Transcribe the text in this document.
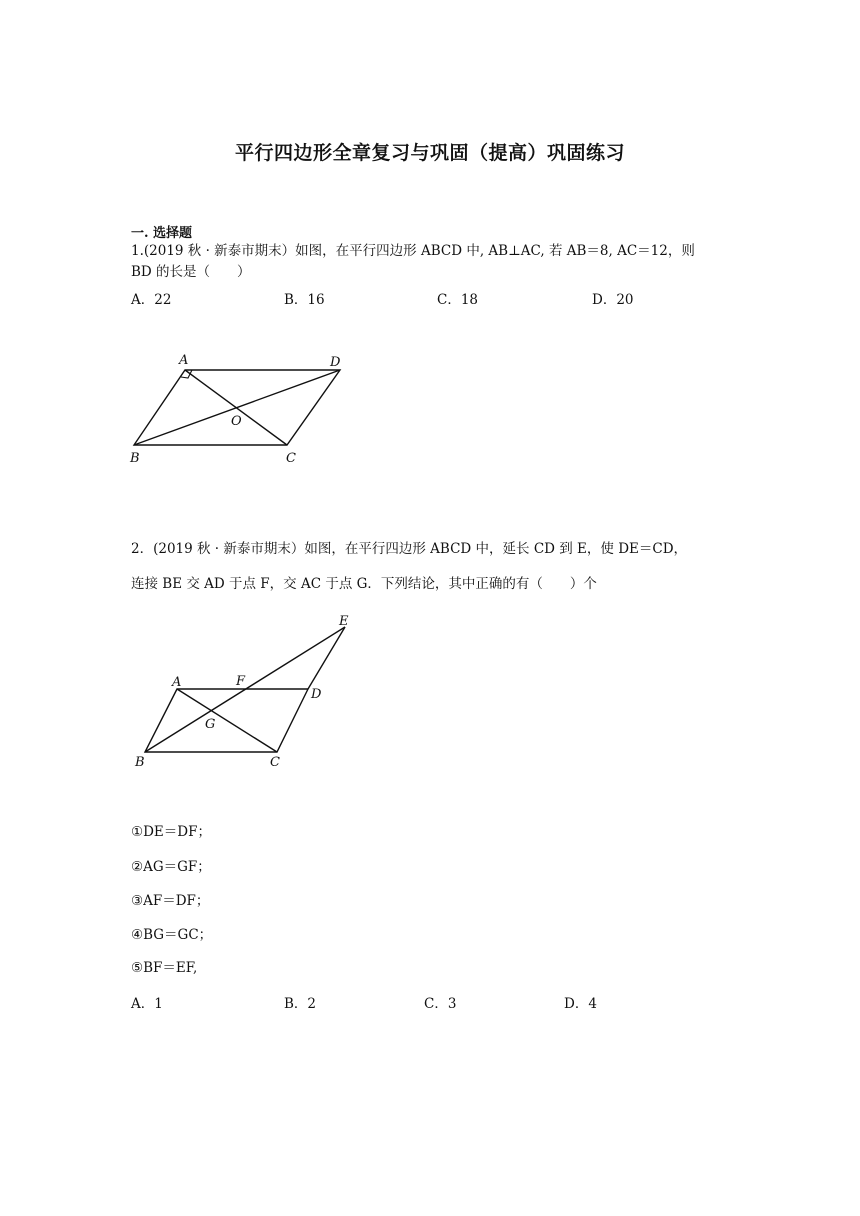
平行四边形全章复习与巩固（提高）巩固练习
一. 选择题
1.(2019 秋 · 新泰市期末）如图，在平行四边形 ABCD 中, AB⊥AC, 若 AB＝8, AC＝12，则
BD 的长是（　　）
A．22	B．16	C．18	D．20
A	D
B	C
O
2．(2019 秋 · 新泰市期末）如图，在平行四边形 ABCD 中，延长 CD 到 E，使 DE＝CD，
连接 BE 交 AD 于点 F，交 AC 于点 G．下列结论，其中正确的有（　　）个
A	F
D
E
G
B	C
①DE＝DF；
②AG＝GF；
③AF＝DF；
④BG＝GC；
⑤BF＝EF,
A．1	B．2	C．3	D．4
